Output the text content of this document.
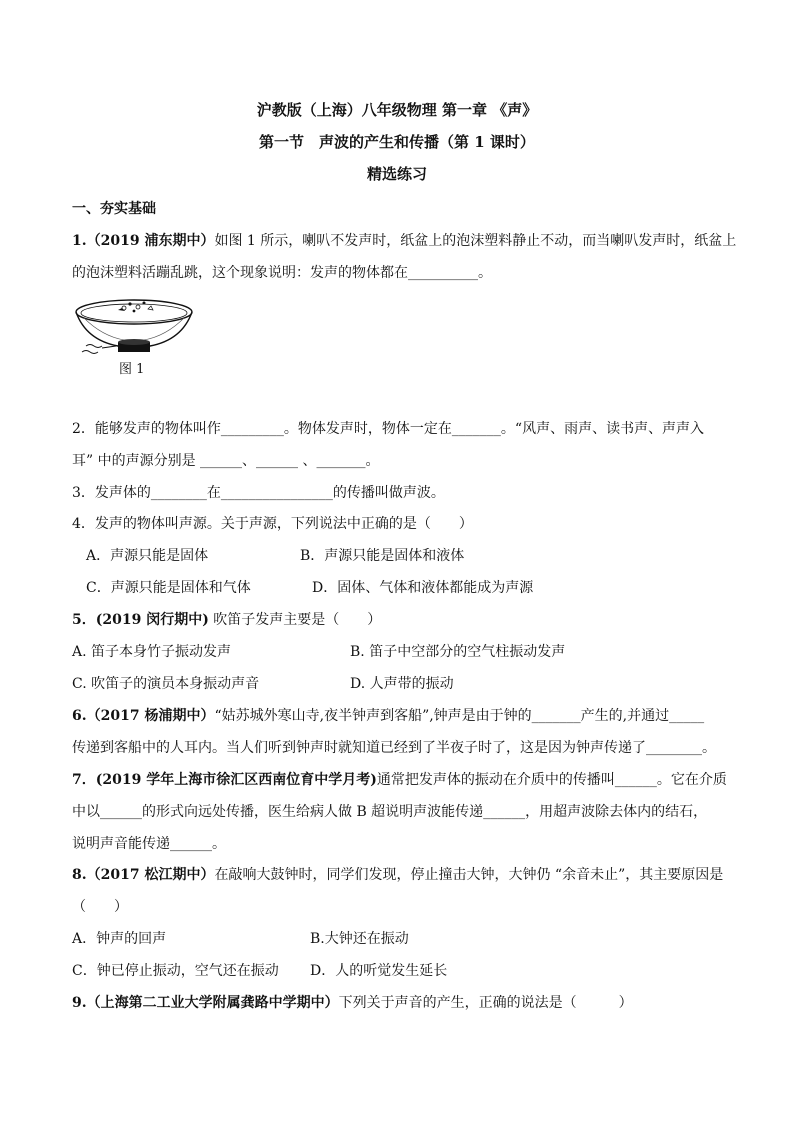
沪教版（上海）八年级物理 第一章 《声》
第一节　声波的产生和传播（第 1 课时）
精选练习
一、夯实基础
1.（2019 浦东期中）如图 1 所示，喇叭不发声时，纸盆上的泡沫塑料静止不动，而当喇叭发声时，纸盆上
的泡沫塑料活蹦乱跳，这个现象说明：发声的物体都在__________。
图 1
2．能够发声的物体叫作_________。物体发声时，物体一定在_______。“风声、雨声、读书声、声声入
耳” 中的声源分别是 ______、______ 、_______。
3．发声体的________在________________的传播叫做声波。
4．发声的物体叫声源。关于声源，下列说法中正确的是（　　）
A．声源只能是固体	B．声源只能是固体和液体
C．声源只能是固体和气体	D．固体、气体和液体都能成为声源
5．(2019 闵行期中) 吹笛子发声主要是（　　）
A. 笛子本身竹子振动发声	B. 笛子中空部分的空气柱振动发声
C. 吹笛子的演员本身振动声音	D. 人声带的振动
6.（2017 杨浦期中）“姑苏城外寒山寺,夜半钟声到客船”,钟声是由于钟的_______产生的,并通过_____
传递到客船中的人耳内。当人们听到钟声时就知道已经到了半夜子时了，这是因为钟声传递了________。
7．(2019 学年上海市徐汇区西南位育中学月考)通常把发声体的振动在介质中的传播叫______。它在介质
中以______的形式向远处传播，医生给病人做 B 超说明声波能传递______，用超声波除去体内的结石，
说明声音能传递______。
8.（2017 松江期中）在敲响大鼓钟时，同学们发现，停止撞击大钟，大钟仍 “余音未止”，其主要原因是
（　　）
A．钟声的回声	B.大钟还在振动
C．钟已停止振动，空气还在振动 D．人的听觉发生延长
9.（上海第二工业大学附属龚路中学期中）下列关于声音的产生，正确的说法是（　　　）
